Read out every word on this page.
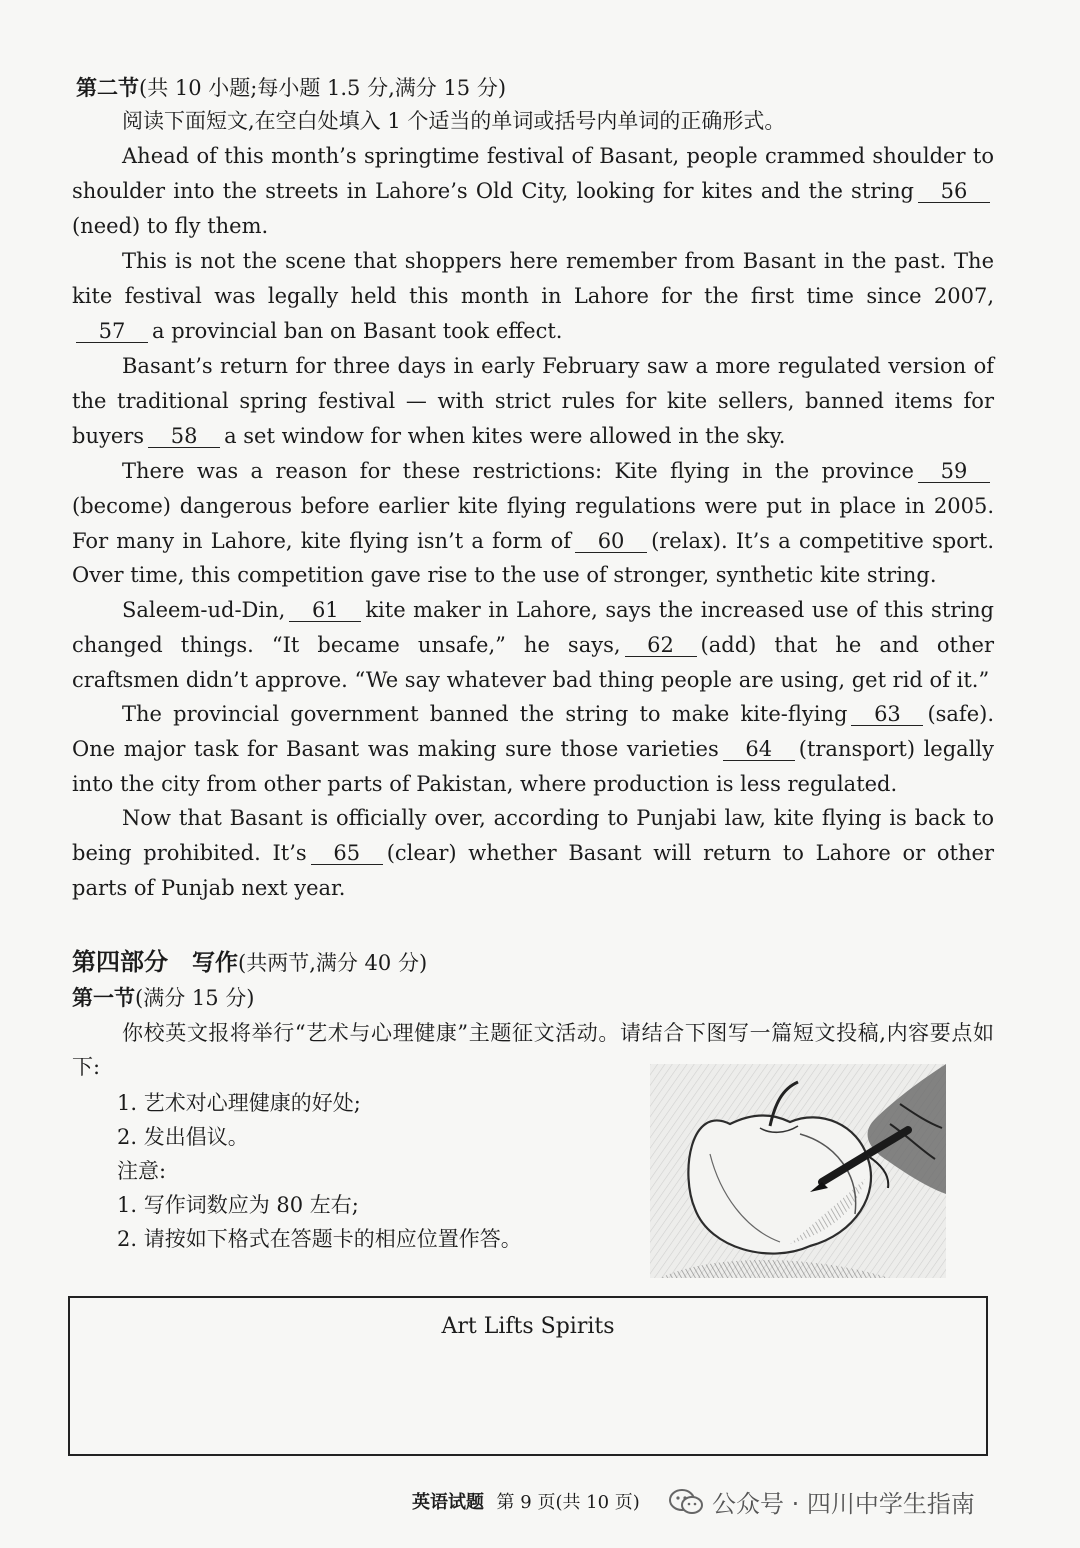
第二节(共 10 小题;每小题 1.5 分,满分 15 分)

阅读下面短文,在空白处填入 1 个适当的单词或括号内单词的正确形式。

Ahead of this month’s springtime festival of Basant, people crammed shoulder to shoulder into the streets in Lahore’s Old City, looking for kites and the string 56(need) to fly them.

This is not the scene that shoppers here remember from Basant in the past. The kite festival was legally held this month in Lahore for the first time since 2007,57 a provincial ban on Basant took effect.

Basant’s return for three days in early February saw a more regulated version of the traditional spring festival — with strict rules for kite sellers, banned items for buyers 58 a set window for when kites were allowed in the sky.

There was a reason for these restrictions: Kite flying in the province 59(become) dangerous before earlier kite flying regulations were put in place in 2005. For many in Lahore, kite flying isn’t a form of 60 (relax). It’s a competitive sport. Over time, this competition gave rise to the use of stronger, synthetic kite string.

Saleem-ud-Din, 61 kite maker in Lahore, says the increased use of this string changed things. “It became unsafe,” he says, 62 (add) that he and other craftsmen didn’t approve. “We say whatever bad thing people are using, get rid of it.”

The provincial government banned the string to make kite-flying 63 (safe). One major task for Basant was making sure those varieties 64 (transport) legally into the city from other parts of Pakistan, where production is less regulated.

Now that Basant is officially over, according to Punjabi law, kite flying is back to being prohibited. It’s 65 (clear) whether Basant will return to Lahore or other parts of Punjab next year.

第四部分 写作(共两节,满分 40 分)
第一节(满分 15 分)

你校英文报将举行“艺术与心理健康”主题征文活动。请结合下图写一篇短文投稿,内容要点如下:

1. 艺术对心理健康的好处;
2. 发出倡议。
注意:
1. 写作词数应为 80 左右;
2. 请按如下格式在答题卡的相应位置作答。
Art Lifts Spirits
英语试题 第 9 页(共 10 页)	公众号 · 四川中学生指南
